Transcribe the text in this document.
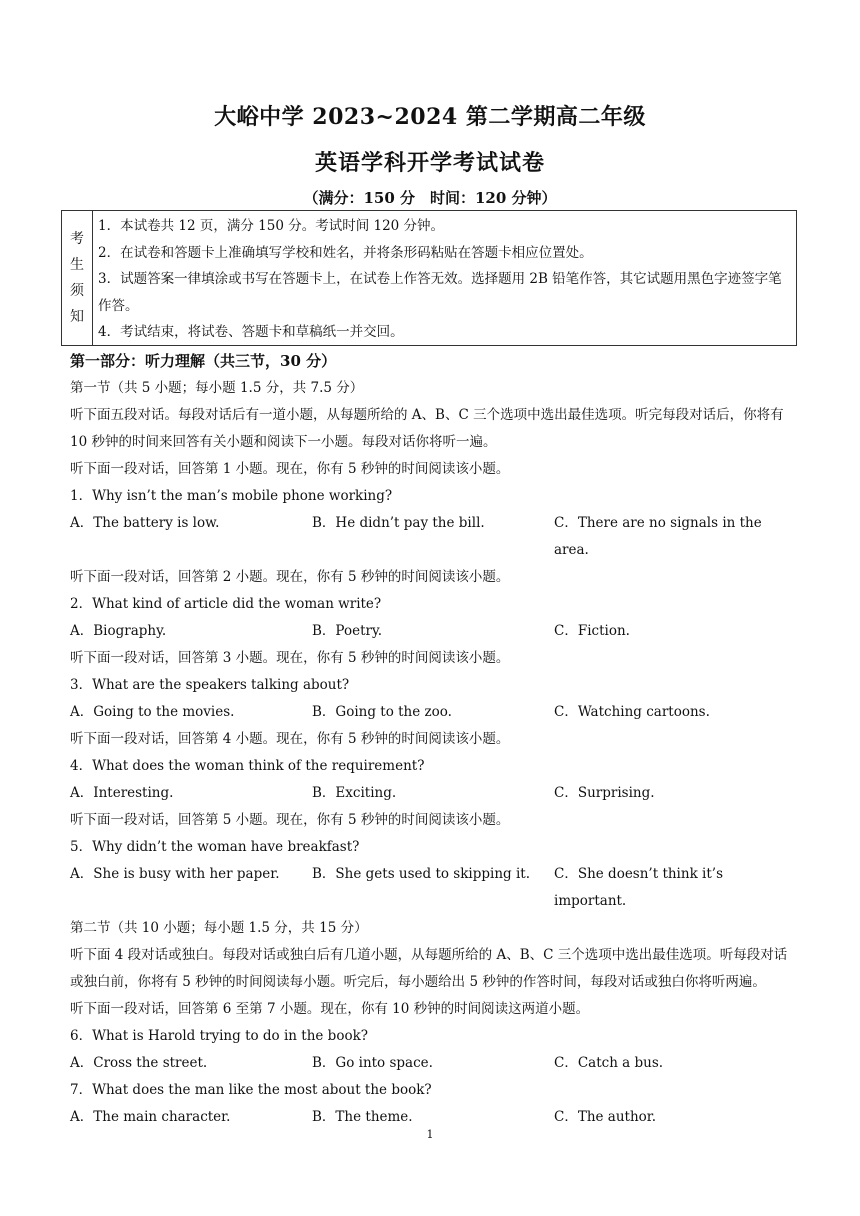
大峪中学 2023~2024 第二学期高二年级
英语学科开学考试试卷
（满分：150 分　时间：120 分钟）
考
生
须
知
1．本试卷共 12 页，满分 150 分。考试时间 120 分钟。
2．在试卷和答题卡上准确填写学校和姓名，并将条形码粘贴在答题卡相应位置处。
3．试题答案一律填涂或书写在答题卡上，在试卷上作答无效。选择题用 2B 铅笔作答，其它试题用黑色字迹签字笔作答。
4．考试结束，将试卷、答题卡和草稿纸一并交回。

第一部分：听力理解（共三节，30 分）

第一节（共 5 小题；每小题 1.5 分，共 7.5 分）

听下面五段对话。每段对话后有一道小题，从每题所给的 A、B、C 三个选项中选出最佳选项。听完每段对话后，你将有 10 秒钟的时间来回答有关小题和阅读下一小题。每段对话你将听一遍。

听下面一段对话，回答第 1 小题。现在，你有 5 秒钟的时间阅读该小题。

1．Why isn’t the man’s mobile phone working?

A．The battery is low.	B．He didn’t pay the bill.	C．There are no signals in the area.

听下面一段对话，回答第 2 小题。现在，你有 5 秒钟的时间阅读该小题。

2．What kind of article did the woman write?

A．Biography.	B．Poetry.	C．Fiction.

听下面一段对话，回答第 3 小题。现在，你有 5 秒钟的时间阅读该小题。

3．What are the speakers talking about?

A．Going to the movies.	B．Going to the zoo.	C．Watching cartoons.

听下面一段对话，回答第 4 小题。现在，你有 5 秒钟的时间阅读该小题。

4．What does the woman think of the requirement?

A．Interesting.	B．Exciting.	C．Surprising.

听下面一段对话，回答第 5 小题。现在，你有 5 秒钟的时间阅读该小题。

5．Why didn’t the woman have breakfast?

A．She is busy with her paper.	B．She gets used to skipping it.	C．She doesn’t think it’s important.

第二节（共 10 小题；每小题 1.5 分，共 15 分）

听下面 4 段对话或独白。每段对话或独白后有几道小题，从每题所给的 A、B、C 三个选项中选出最佳选项。听每段对话或独白前，你将有 5 秒钟的时间阅读每小题。听完后，每小题给出 5 秒钟的作答时间，每段对话或独白你将听两遍。

听下面一段对话，回答第 6 至第 7 小题。现在，你有 10 秒钟的时间阅读这两道小题。

6．What is Harold trying to do in the book?

A．Cross the street.	B．Go into space.	C．Catch a bus.

7．What does the man like the most about the book?

A．The main character.	B．The theme.	C．The author.
1
